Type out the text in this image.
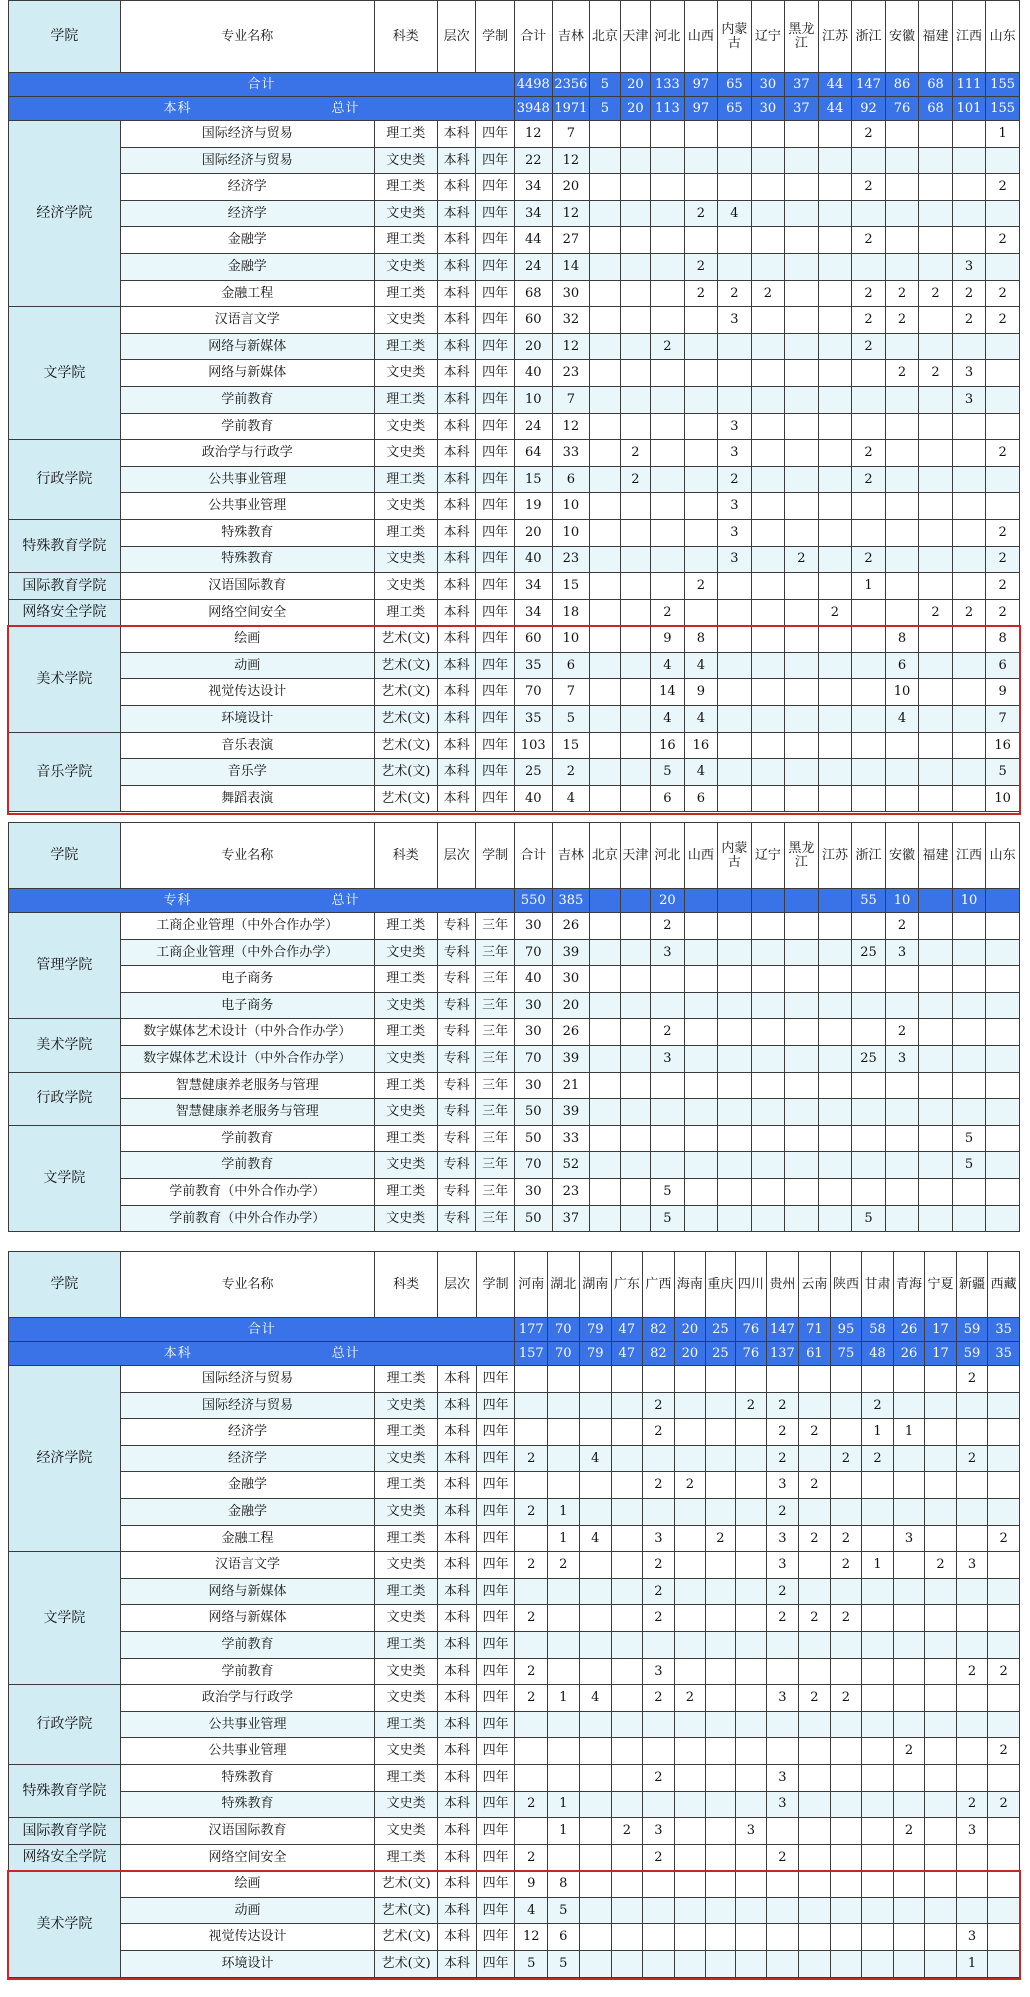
学院	专业名称	科类	层次	学制	合计	吉林	北京	天津	河北	山西	内蒙古	辽宁	黑龙江	江苏	浙江	安徽	福建	江西	山东
合计					4498	2356	5	20	133	97	65	30	37	44	147	86	68	111	155
本科　　　　　　　　　　总计					3948	1971	5	20	113	97	65	30	37	44	92	76	68	101	155
经济学院	国际经济与贸易	理工类	本科	四年	12	7									2				1
	国际经济与贸易	文史类	本科	四年	22	12													
	经济学	理工类	本科	四年	34	20									2				2
	经济学	文史类	本科	四年	34	12				2	4								
	金融学	理工类	本科	四年	44	27									2				2
	金融学	文史类	本科	四年	24	14				2								3	
	金融工程	理工类	本科	四年	68	30				2	2	2			2	2	2	2	2
文学院	汉语言文学	文史类	本科	四年	60	32					3				2	2		2	2
	网络与新媒体	理工类	本科	四年	20	12			2						2				
	网络与新媒体	文史类	本科	四年	40	23										2	2	3	
	学前教育	理工类	本科	四年	10	7												3	
	学前教育	文史类	本科	四年	24	12					3								
行政学院	政治学与行政学	文史类	本科	四年	64	33		2			3				2				2
	公共事业管理	理工类	本科	四年	15	6		2			2				2				
	公共事业管理	文史类	本科	四年	19	10					3								
特殊教育学院	特殊教育	理工类	本科	四年	20	10					3								2
	特殊教育	文史类	本科	四年	40	23					3		2		2				2
国际教育学院	汉语国际教育	文史类	本科	四年	34	15				2					1				2
网络安全学院	网络空间安全	理工类	本科	四年	34	18			2					2			2	2	2
美术学院	绘画	艺术(文)	本科	四年	60	10			9	8						8			8
	动画	艺术(文)	本科	四年	35	6			4	4						6			6
	视觉传达设计	艺术(文)	本科	四年	70	7			14	9						10			9
	环境设计	艺术(文)	本科	四年	35	5			4	4						4			7
音乐学院	音乐表演	艺术(文)	本科	四年	103	15			16	16									16
	音乐学	艺术(文)	本科	四年	25	2			5	4									5
	舞蹈表演	艺术(文)	本科	四年	40	4			6	6									10
学院	专业名称	科类	层次	学制	合计	吉林	北京	天津	河北	山西	内蒙古	辽宁	黑龙江	江苏	浙江	安徽	福建	江西	山东
专科　　　　　　　　　　总计					550	385			20						55	10		10	
管理学院	工商企业管理（中外合作办学）	理工类	专科	三年	30	26			2							2			
	工商企业管理（中外合作办学）	文史类	专科	三年	70	39			3						25	3			
	电子商务	理工类	专科	三年	40	30													
	电子商务	文史类	专科	三年	30	20													
美术学院	数字媒体艺术设计（中外合作办学）	理工类	专科	三年	30	26			2							2			
	数字媒体艺术设计（中外合作办学）	文史类	专科	三年	70	39			3						25	3			
行政学院	智慧健康养老服务与管理	理工类	专科	三年	30	21													
	智慧健康养老服务与管理	文史类	专科	三年	50	39													
文学院	学前教育	理工类	专科	三年	50	33												5	
	学前教育	文史类	专科	三年	70	52												5	
	学前教育（中外合作办学）	理工类	专科	三年	30	23			5										
	学前教育（中外合作办学）	文史类	专科	三年	50	37			5						5				
学院	专业名称	科类	层次	学制	河南	湖北	湖南	广东	广西	海南	重庆	四川	贵州	云南	陕西	甘肃	青海	宁夏	新疆	西藏
合计					177	70	79	47	82	20	25	76	147	71	95	58	26	17	59	35
本科　　　　　　　　　　总计					157	70	79	47	82	20	25	76	137	61	75	48	26	17	59	35
经济学院	国际经济与贸易	理工类	本科	四年															2	
	国际经济与贸易	文史类	本科	四年					2			2	2			2				
	经济学	理工类	本科	四年					2				2	2		1	1			
	经济学	文史类	本科	四年	2		4						2		2	2			2	
	金融学	理工类	本科	四年					2	2			3	2						
	金融学	文史类	本科	四年	2	1							2							
	金融工程	理工类	本科	四年		1	4		3		2		3	2	2		3			2
文学院	汉语言文学	文史类	本科	四年	2	2			2				3		2	1		2	3	
	网络与新媒体	理工类	本科	四年					2				2							
	网络与新媒体	文史类	本科	四年	2				2				2	2	2					
	学前教育	理工类	本科	四年																
	学前教育	文史类	本科	四年	2				3										2	2
行政学院	政治学与行政学	文史类	本科	四年	2	1	4		2	2			3	2	2					
	公共事业管理	理工类	本科	四年																
	公共事业管理	文史类	本科	四年													2			2
特殊教育学院	特殊教育	理工类	本科	四年					2				3							
	特殊教育	文史类	本科	四年	2	1							3						2	2
国际教育学院	汉语国际教育	文史类	本科	四年		1		2	3			3					2		3	
网络安全学院	网络空间安全	理工类	本科	四年	2				2				2							
美术学院	绘画	艺术(文)	本科	四年	9	8														
	动画	艺术(文)	本科	四年	4	5														
	视觉传达设计	艺术(文)	本科	四年	12	6													3	
	环境设计	艺术(文)	本科	四年	5	5													1	
